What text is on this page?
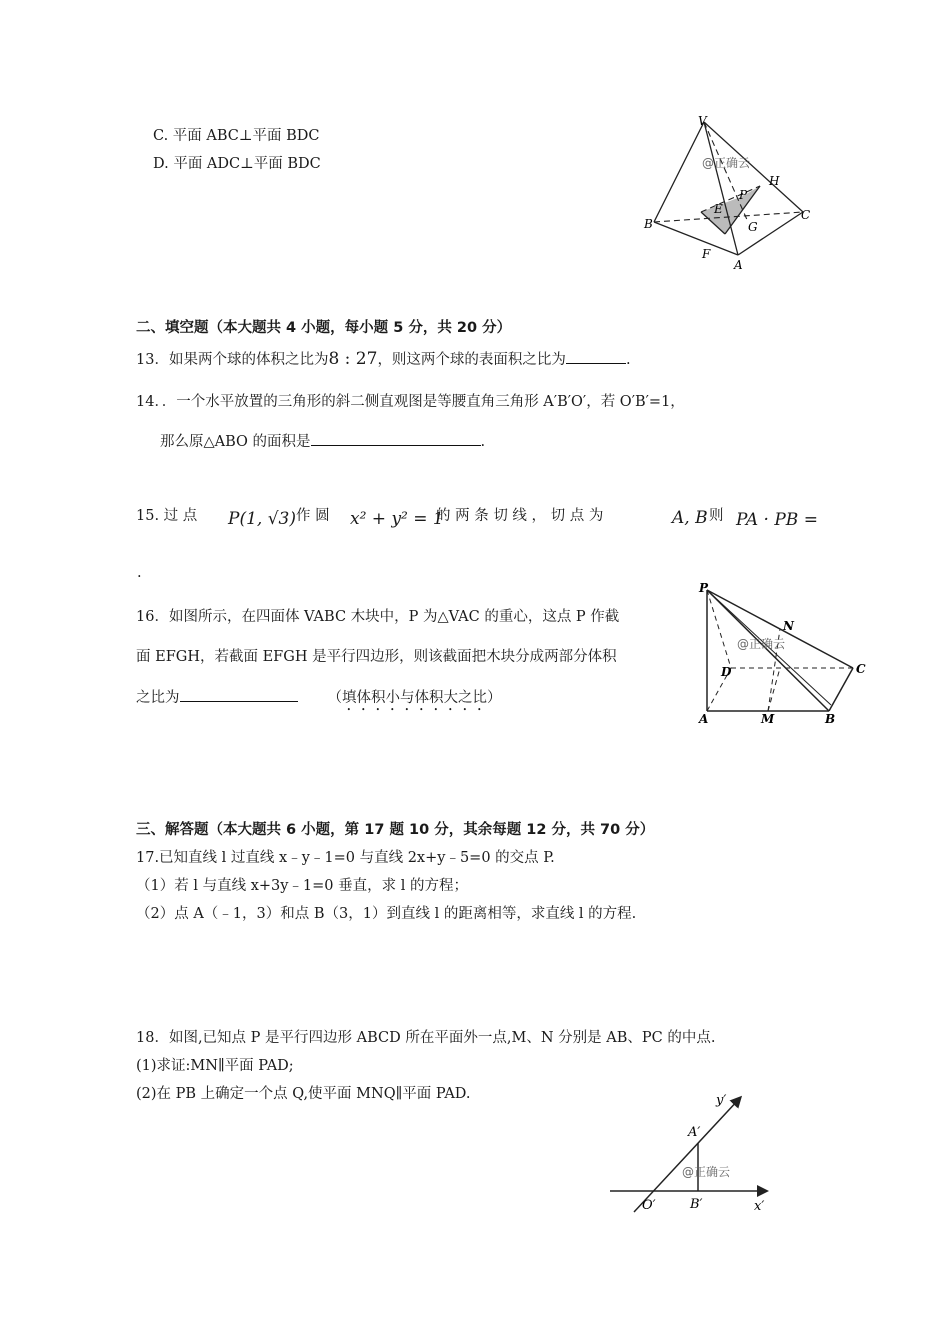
C. 平面 ABC⊥平面 BDC
D. 平面 ADC⊥平面 BDC
V
B
C
A
E
F
G
H
P
@正确云
二、填空题（本大题共 4 小题，每小题 5 分，共 20 分）
13．如果两个球的体积之比为8 : 27，则这两个球的表面积之比为	.
14．．一个水平放置的三角形的斜二侧直观图是等腰直角三角形 A′B′O′，若 O′B′=1，
那么原△ABO 的面积是	.
15. 过 点 P(1, √3) 作 圆 x² + y² = 1
的 两 条 切 线 ， 切 点 为	A, B 则 PA · PB =
.
16．如图所示，在四面体 VABC 木块中，P 为△VAC 的重心，这点 P 作截
面 EFGH，若截面 EFGH 是平行四边形，则该截面把木块分成两部分体积
之比为	（填体积小与体积大之比）
P
N
D	C
A	M	B
@正确云
三、解答题（本大题共 6 小题，第 17 题 10 分，其余每题 12 分，共 70 分）
17.已知直线 l 过直线 x﹣y﹣1=0 与直线 2x+y﹣5=0 的交点 P.
（1）若 l 与直线 x+3y﹣1=0 垂直，求 l 的方程；
（2）点 A（﹣1，3）和点 B（3，1）到直线 l 的距离相等，求直线 l 的方程.
18．如图,已知点 P 是平行四边形 ABCD 所在平面外一点,M、N 分别是 AB、PC 的中点.
(1)求证:MN∥平面 PAD;
(2)在 PB 上确定一个点 Q,使平面 MNQ∥平面 PAD.	y′
x′
A′
B′
O′
@正确云
